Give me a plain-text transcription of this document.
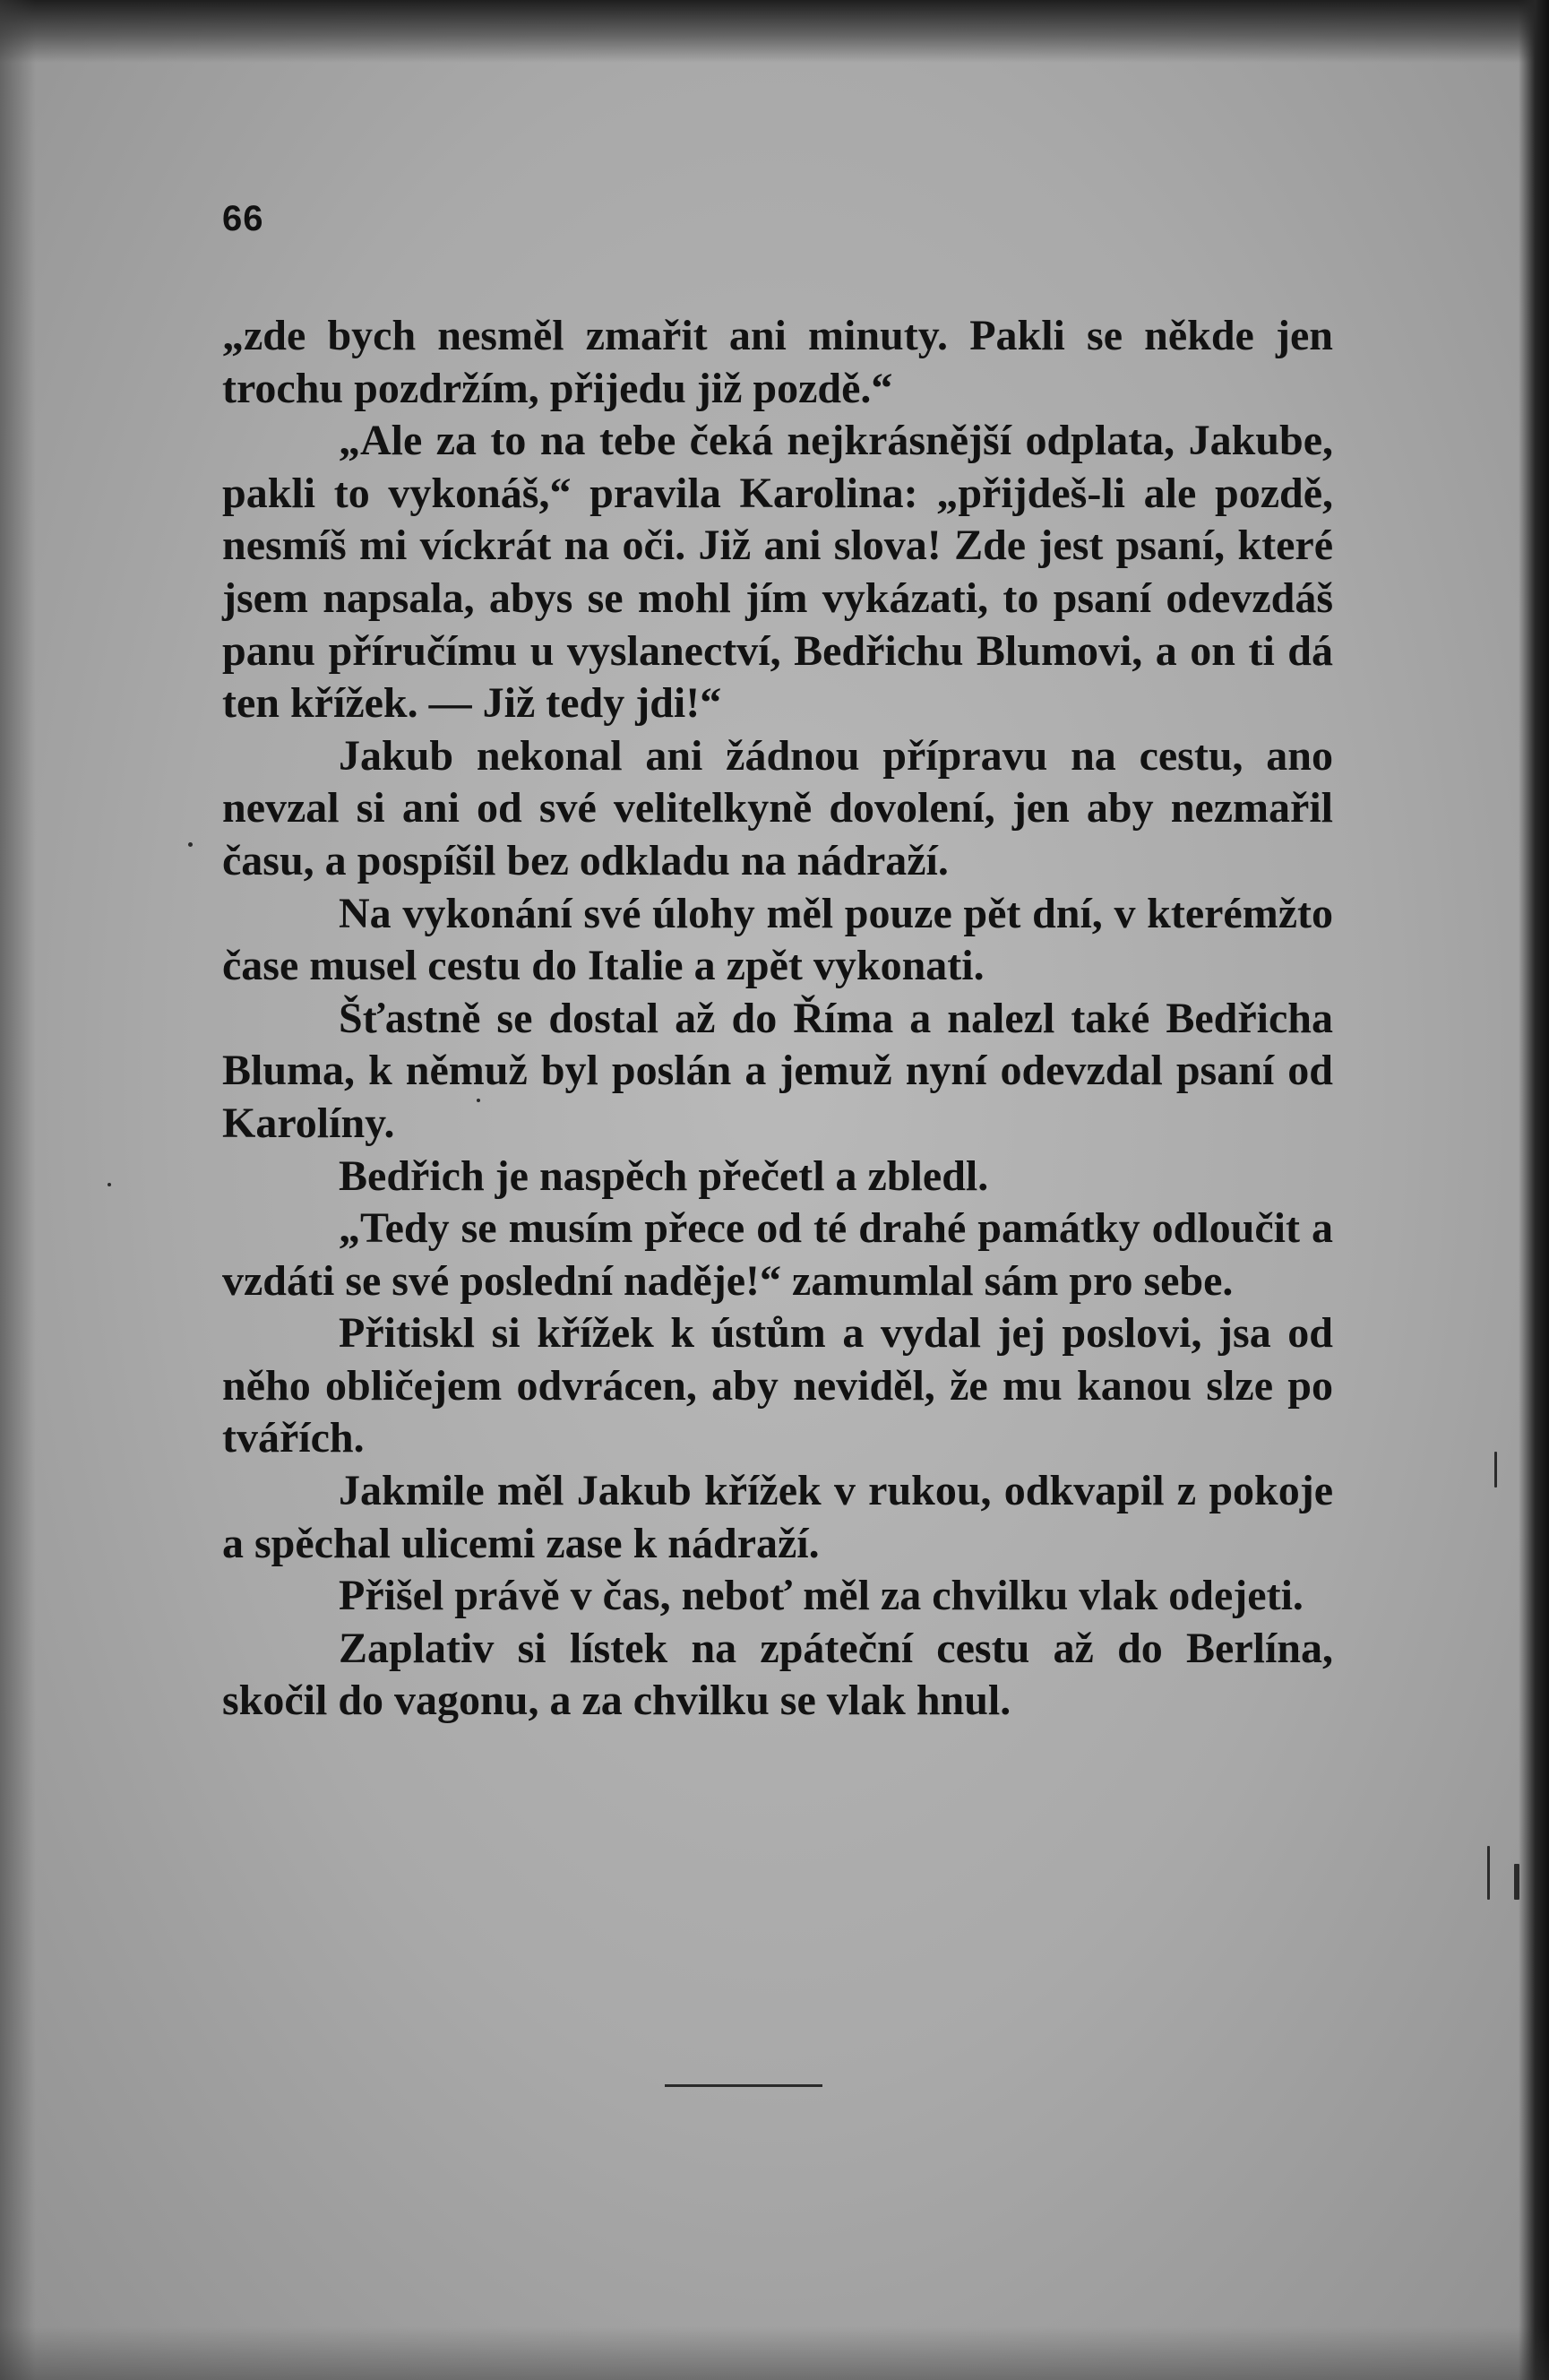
66

„zde bych nesměl zmařit ani minuty. Pakli se někde jen trochu pozdržím, přijedu již pozdě.“

„Ale za to na tebe čeká nejkrásnější odplata, Jakube, pakli to vykonáš,“ pravila Karolina: „přijdeš-li ale pozdě, nesmíš mi víckrát na oči. Již ani slova! Zde jest psaní, které jsem napsala, abys se mohl jím vykázati, to psaní odevzdáš panu příručímu u vyslanectví, Bedřichu Blumovi, a on ti dá ten křížek. — Již tedy jdi!“

Jakub nekonal ani žádnou přípravu na cestu, ano nevzal si ani od své velitelkyně dovolení, jen aby nezmařil času, a pospíšil bez odkladu na nádraží.

Na vykonání své úlohy měl pouze pět dní, v kterémžto čase musel cestu do Italie a zpět vykonati.

Šťastně se dostal až do Říma a nalezl také Bedřicha Bluma, k němuž byl poslán a jemuž nyní odevzdal psaní od Karolíny.

Bedřich je naspěch přečetl a zbledl.

„Tedy se musím přece od té drahé památky odloučit a vzdáti se své poslední naděje!“ zamumlal sám pro sebe.

Přitiskl si křížek k ústům a vydal jej poslovi, jsa od něho obličejem odvrácen, aby neviděl, že mu kanou slze po tvářích.

Jakmile měl Jakub křížek v rukou, odkvapil z pokoje a spěchal ulicemi zase k nádraží.

Přišel právě v čas, neboť měl za chvilku vlak odejeti.

Zaplativ si lístek na zpáteční cestu až do Berlína, skočil do vagonu, a za chvilku se vlak hnul.
